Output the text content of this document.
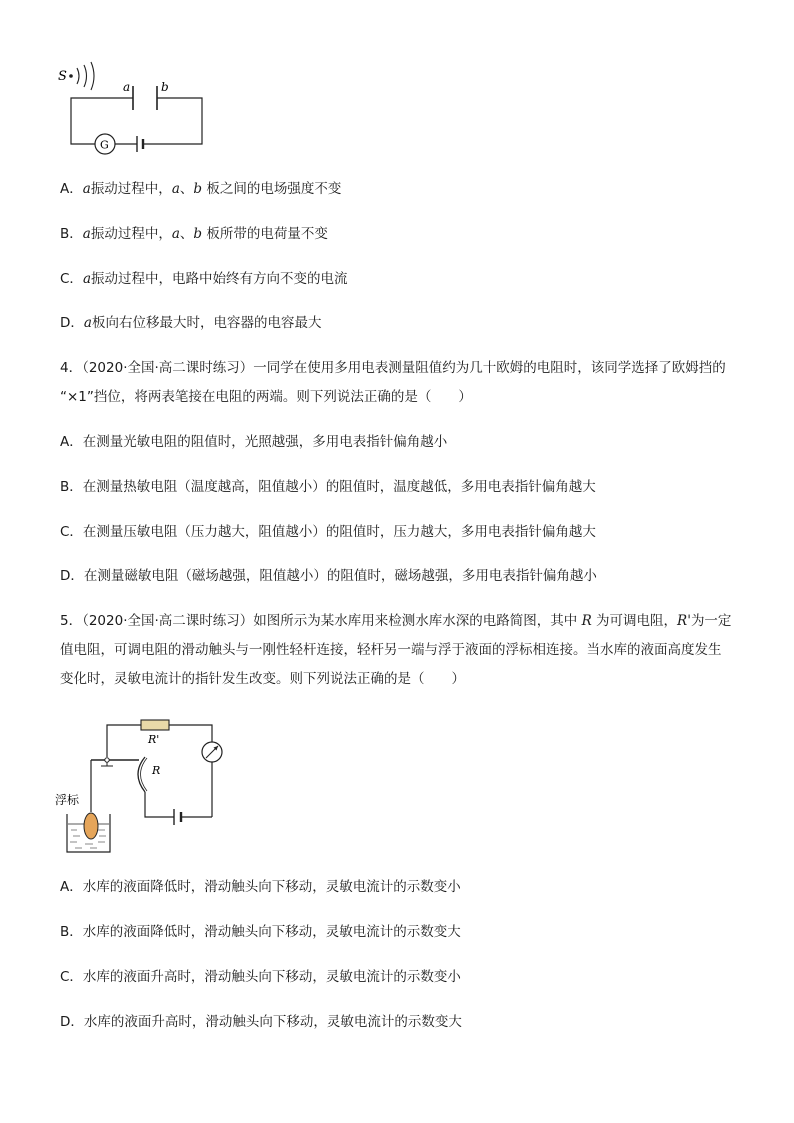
S
a	b
G
A．a振动过程中，a、b 板之间的电场强度不变
B．a振动过程中，a、b 板所带的电荷量不变
C．a振动过程中，电路中始终有方向不变的电流
D．a板向右位移最大时，电容器的电容最大
4．（2020·全国·高二课时练习）一同学在使用多用电表测量阻值约为几十欧姆的电阻时，该同学选择了欧姆挡的
“×1”挡位，将两表笔接在电阻的两端。则下列说法正确的是（　　）
A．在测量光敏电阻的阻值时，光照越强，多用电表指针偏角越小
B．在测量热敏电阻（温度越高，阻值越小）的阻值时，温度越低，多用电表指针偏角越大
C．在测量压敏电阻（压力越大，阻值越小）的阻值时，压力越大，多用电表指针偏角越大
D．在测量磁敏电阻（磁场越强，阻值越小）的阻值时，磁场越强，多用电表指针偏角越小
5．（2020·全国·高二课时练习）如图所示为某水库用来检测水库水深的电路简图，其中 R 为可调电阻，R'为一定
值电阻，可调电阻的滑动触头与一刚性轻杆连接，轻杆另一端与浮于液面的浮标相连接。当水库的液面高度发生
变化时，灵敏电流计的指针发生改变。则下列说法正确的是（　　）
R'
R
浮标
A．水库的液面降低时，滑动触头向下移动，灵敏电流计的示数变小
B．水库的液面降低时，滑动触头向下移动，灵敏电流计的示数变大
C．水库的液面升高时，滑动触头向下移动，灵敏电流计的示数变小
D．水库的液面升高时，滑动触头向下移动，灵敏电流计的示数变大
